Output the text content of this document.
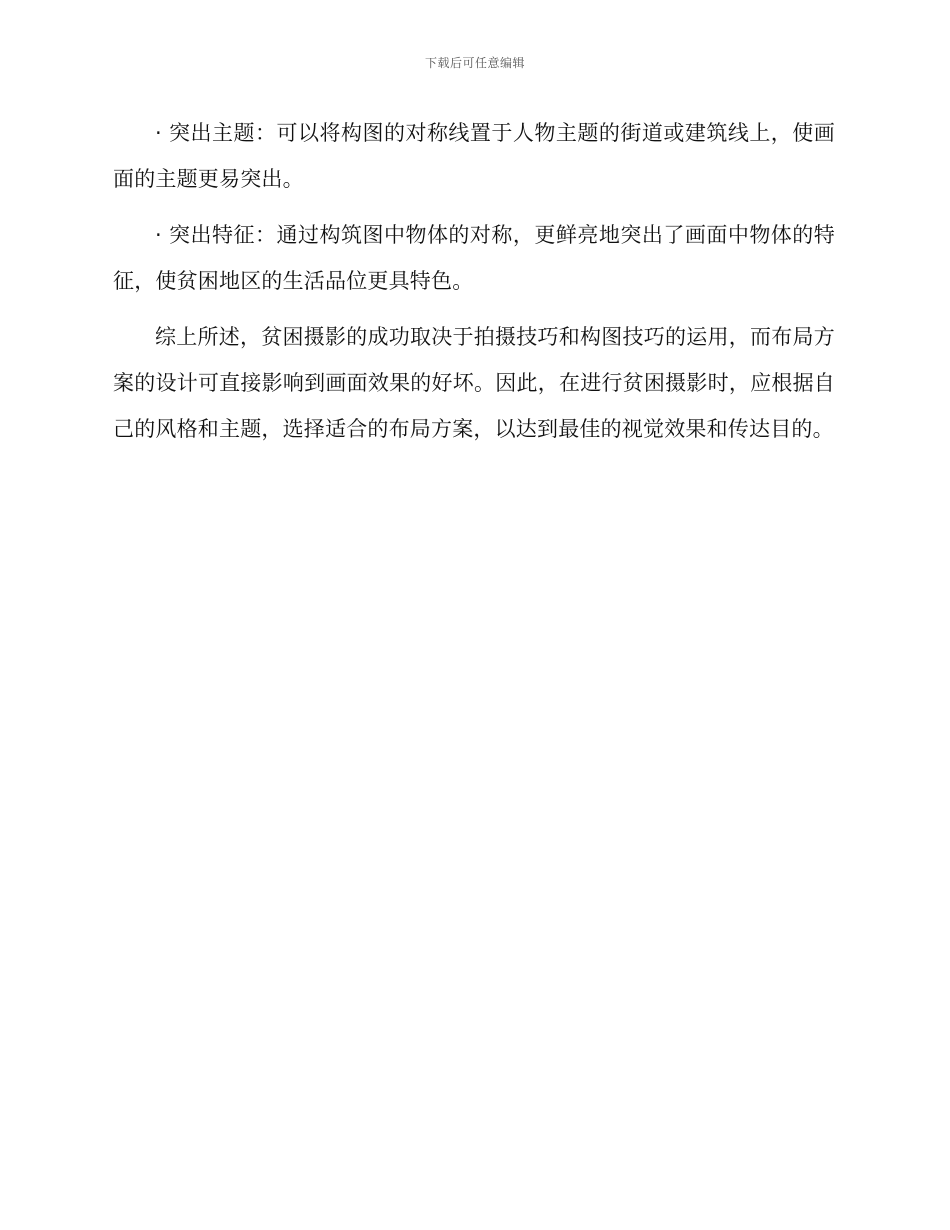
下载后可任意编辑

· 突出主题：可以将构图的对称线置于人物主题的街道或建筑线上，使画面的主题更易突出。

· 突出特征：通过构筑图中物体的对称，更鲜亮地突出了画面中物体的特征，使贫困地区的生活品位更具特色。

综上所述，贫困摄影的成功取决于拍摄技巧和构图技巧的运用，而布局方案的设计可直接影响到画面效果的好坏。因此，在进行贫困摄影时，应根据自己的风格和主题，选择适合的布局方案，以达到最佳的视觉效果和传达目的。
